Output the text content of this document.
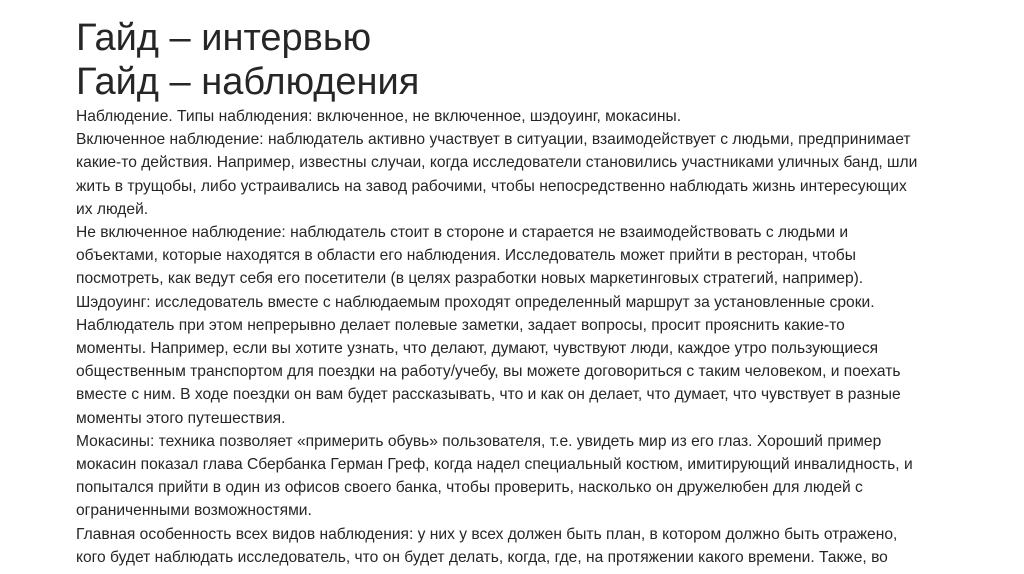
Гайд – интервью
Гайд – наблюдения

Наблюдение. Типы наблюдения: включенное, не включенное, шэдоуинг, мокасины.

Включенное наблюдение: наблюдатель активно участвует в ситуации, взаимодействует с людьми, предпринимает
какие-то действия. Например, известны случаи, когда исследователи становились участниками уличных банд, шли
жить в трущобы, либо устраивались на завод рабочими, чтобы непосредственно наблюдать жизнь интересующих
их людей.

Не включенное наблюдение: наблюдатель стоит в стороне и старается не взаимодействовать с людьми и
объектами, которые находятся в области его наблюдения. Исследователь может прийти в ресторан, чтобы
посмотреть, как ведут себя его посетители (в целях разработки новых маркетинговых стратегий, например).

Шэдоуинг: исследователь вместе с наблюдаемым проходят определенный маршрут за установленные сроки.
Наблюдатель при этом непрерывно делает полевые заметки, задает вопросы, просит прояснить какие-то
моменты. Например, если вы хотите узнать, что делают, думают, чувствуют люди, каждое утро пользующиеся
общественным транспортом для поездки на работу/учебу, вы можете договориться с таким человеком, и поехать
вместе с ним. В ходе поездки он вам будет рассказывать, что и как он делает, что думает, что чувствует в разные
моменты этого путешествия.

Мокасины: техника позволяет «примерить обувь» пользователя, т.е. увидеть мир из его глаз. Хороший пример
мокасин показал глава Сбербанка Герман Греф, когда надел специальный костюм, имитирующий инвалидность, и
попытался прийти в один из офисов своего банка, чтобы проверить, насколько он дружелюбен для людей с
ограниченными возможностями.

Главная особенность всех видов наблюдения: у них у всех должен быть план, в котором должно быть отражено,
кого будет наблюдать исследователь, что он будет делать, когда, где, на протяжении какого времени. Также, во
